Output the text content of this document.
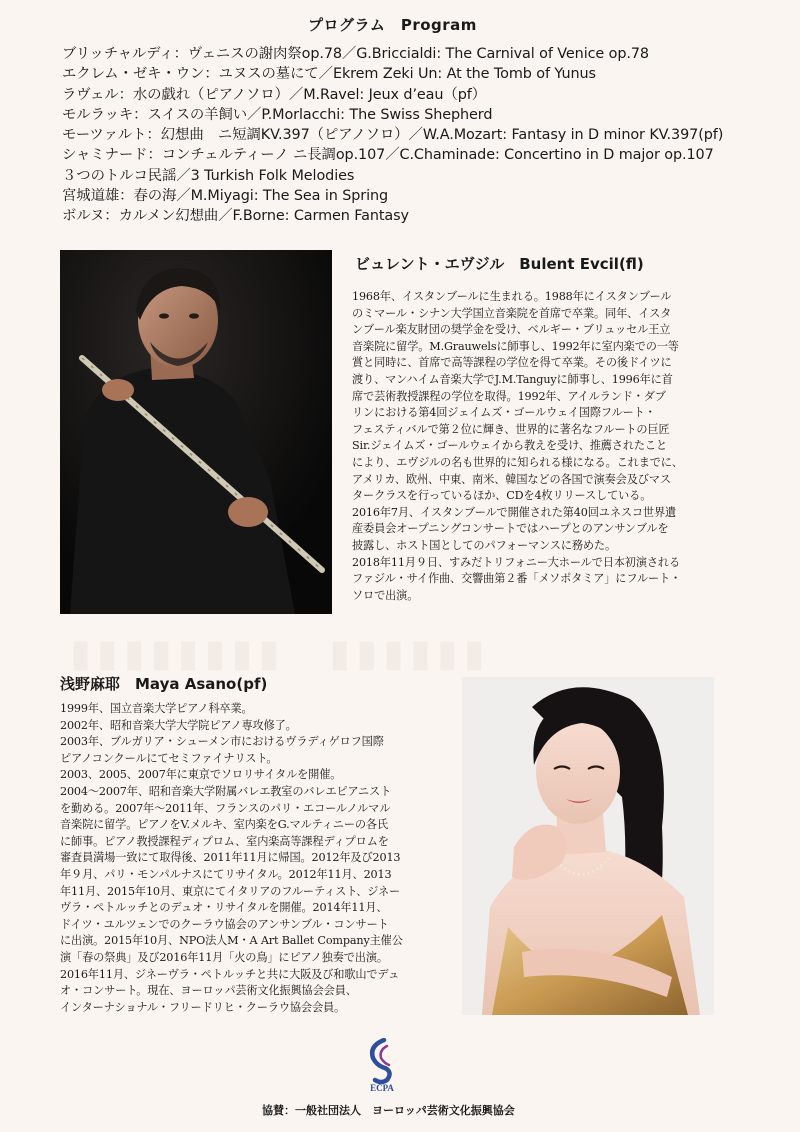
プログラム　Program
ブリッチャルディ：ヴェニスの謝肉祭op.78／G.Briccialdi: The Carnival of Venice op.78
エクレム・ゼキ・ウン：ユヌスの墓にて／Ekrem Zeki Un: At the Tomb of Yunus
ラヴェル：水の戯れ（ピアノソロ）／M.Ravel: Jeux d’eau（pf）
モルラッキ：スイスの羊飼い／P.Morlacchi: The Swiss Shepherd
モーツァルト：幻想曲　ニ短調KV.397（ピアノソロ）／W.A.Mozart: Fantasy in D minor KV.397(pf)
シャミナード：コンチェルティーノ ニ長調op.107／C.Chaminade: Concertino in D major op.107
３つのトルコ民謡／3 Turkish Folk Melodies
宮城道雄：春の海／M.Miyagi: The Sea in Spring
ボルヌ：カルメン幻想曲／F.Borne: Carmen Fantasy
ビュレント・エヴジル　Bulent Evcil(fl)
1968年、イスタンブールに生まれる。1988年にイスタンブール
のミマール・シナン大学国立音楽院を首席で卒業。同年、イスタ
ンブール楽友財団の奨学金を受け、ベルギー・ブリュッセル王立
音楽院に留学。M.Grauwelsに師事し、1992年に室内楽での一等
賞と同時に、首席で高等課程の学位を得て卒業。その後ドイツに
渡り、マンハイム音楽大学でJ.M.Tanguyに師事し、1996年に首
席で芸術教授課程の学位を取得。1992年、アイルランド・ダブ
リンにおける第4回ジェイムズ・ゴールウェイ国際フルート・
フェスティバルで第２位に輝き、世界的に著名なフルートの巨匠
Sir.ジェイムズ・ゴールウェイから教えを受け、推薦されたこと
により、エヴジルの名も世界的に知られる様になる。これまでに、
アメリカ、欧州、中東、南米、韓国などの各国で演奏会及びマス
タークラスを行っているほか、CDを4枚リリースしている。
2016年7月、イスタンブールで開催された第40回ユネスコ世界遺
産委員会オープニングコンサートではハープとのアンサンブルを
披露し、ホスト国としてのパフォーマンスに務めた。
2018年11月９日、すみだトリフォニー大ホールで日本初演される
ファジル・サイ作曲、交響曲第２番「メソポタミア」にフルート・
ソロで出演。
浅野麻耶　Maya Asano(pf)
1999年、国立音楽大学ピアノ科卒業。
2002年、昭和音楽大学大学院ピアノ専攻修了。
2003年、ブルガリア・シューメン市におけるヴラディゲロフ国際
ピアノコンクールにてセミファイナリスト。
2003、2005、2007年に東京でソロリサイタルを開催。
2004～2007年、昭和音楽大学附属バレエ教室のバレエピアニスト
を勤める。2007年～2011年、フランスのパリ・エコールノルマル
音楽院に留学。ピアノをV.メルキ、室内楽をG.マルティニーの各氏
に師事。ピアノ教授課程ディプロム、室内楽高等課程ディプロムを
審査員満場一致にて取得後、2011年11月に帰国。2012年及び2013
年９月、パリ・モンパルナスにてリサイタル。2012年11月、2013
年11月、2015年10月、東京にてイタリアのフルーティスト、ジネー
ヴラ・ペトルッチとのデュオ・リサイタルを開催。2014年11月、
ドイツ・ユルツェンでのクーラウ協会のアンサンブル・コンサート
に出演。2015年10月、NPO法人M・A Art Ballet Company主催公
演「春の祭典」及び2016年11月「火の鳥」にピアノ独奏で出演。
2016年11月、ジネーヴラ・ペトルッチと共に大阪及び和歌山でデュ
オ・コンサート。現在、ヨーロッパ芸術文化振興協会会員、
インターナショナル・フリードリヒ・クーラウ協会会員。
▮▮▮▮▮▮▮▮　▮▮▮▮▮▮
ECPA
協賛：一般社団法人　ヨーロッパ芸術文化振興協会
